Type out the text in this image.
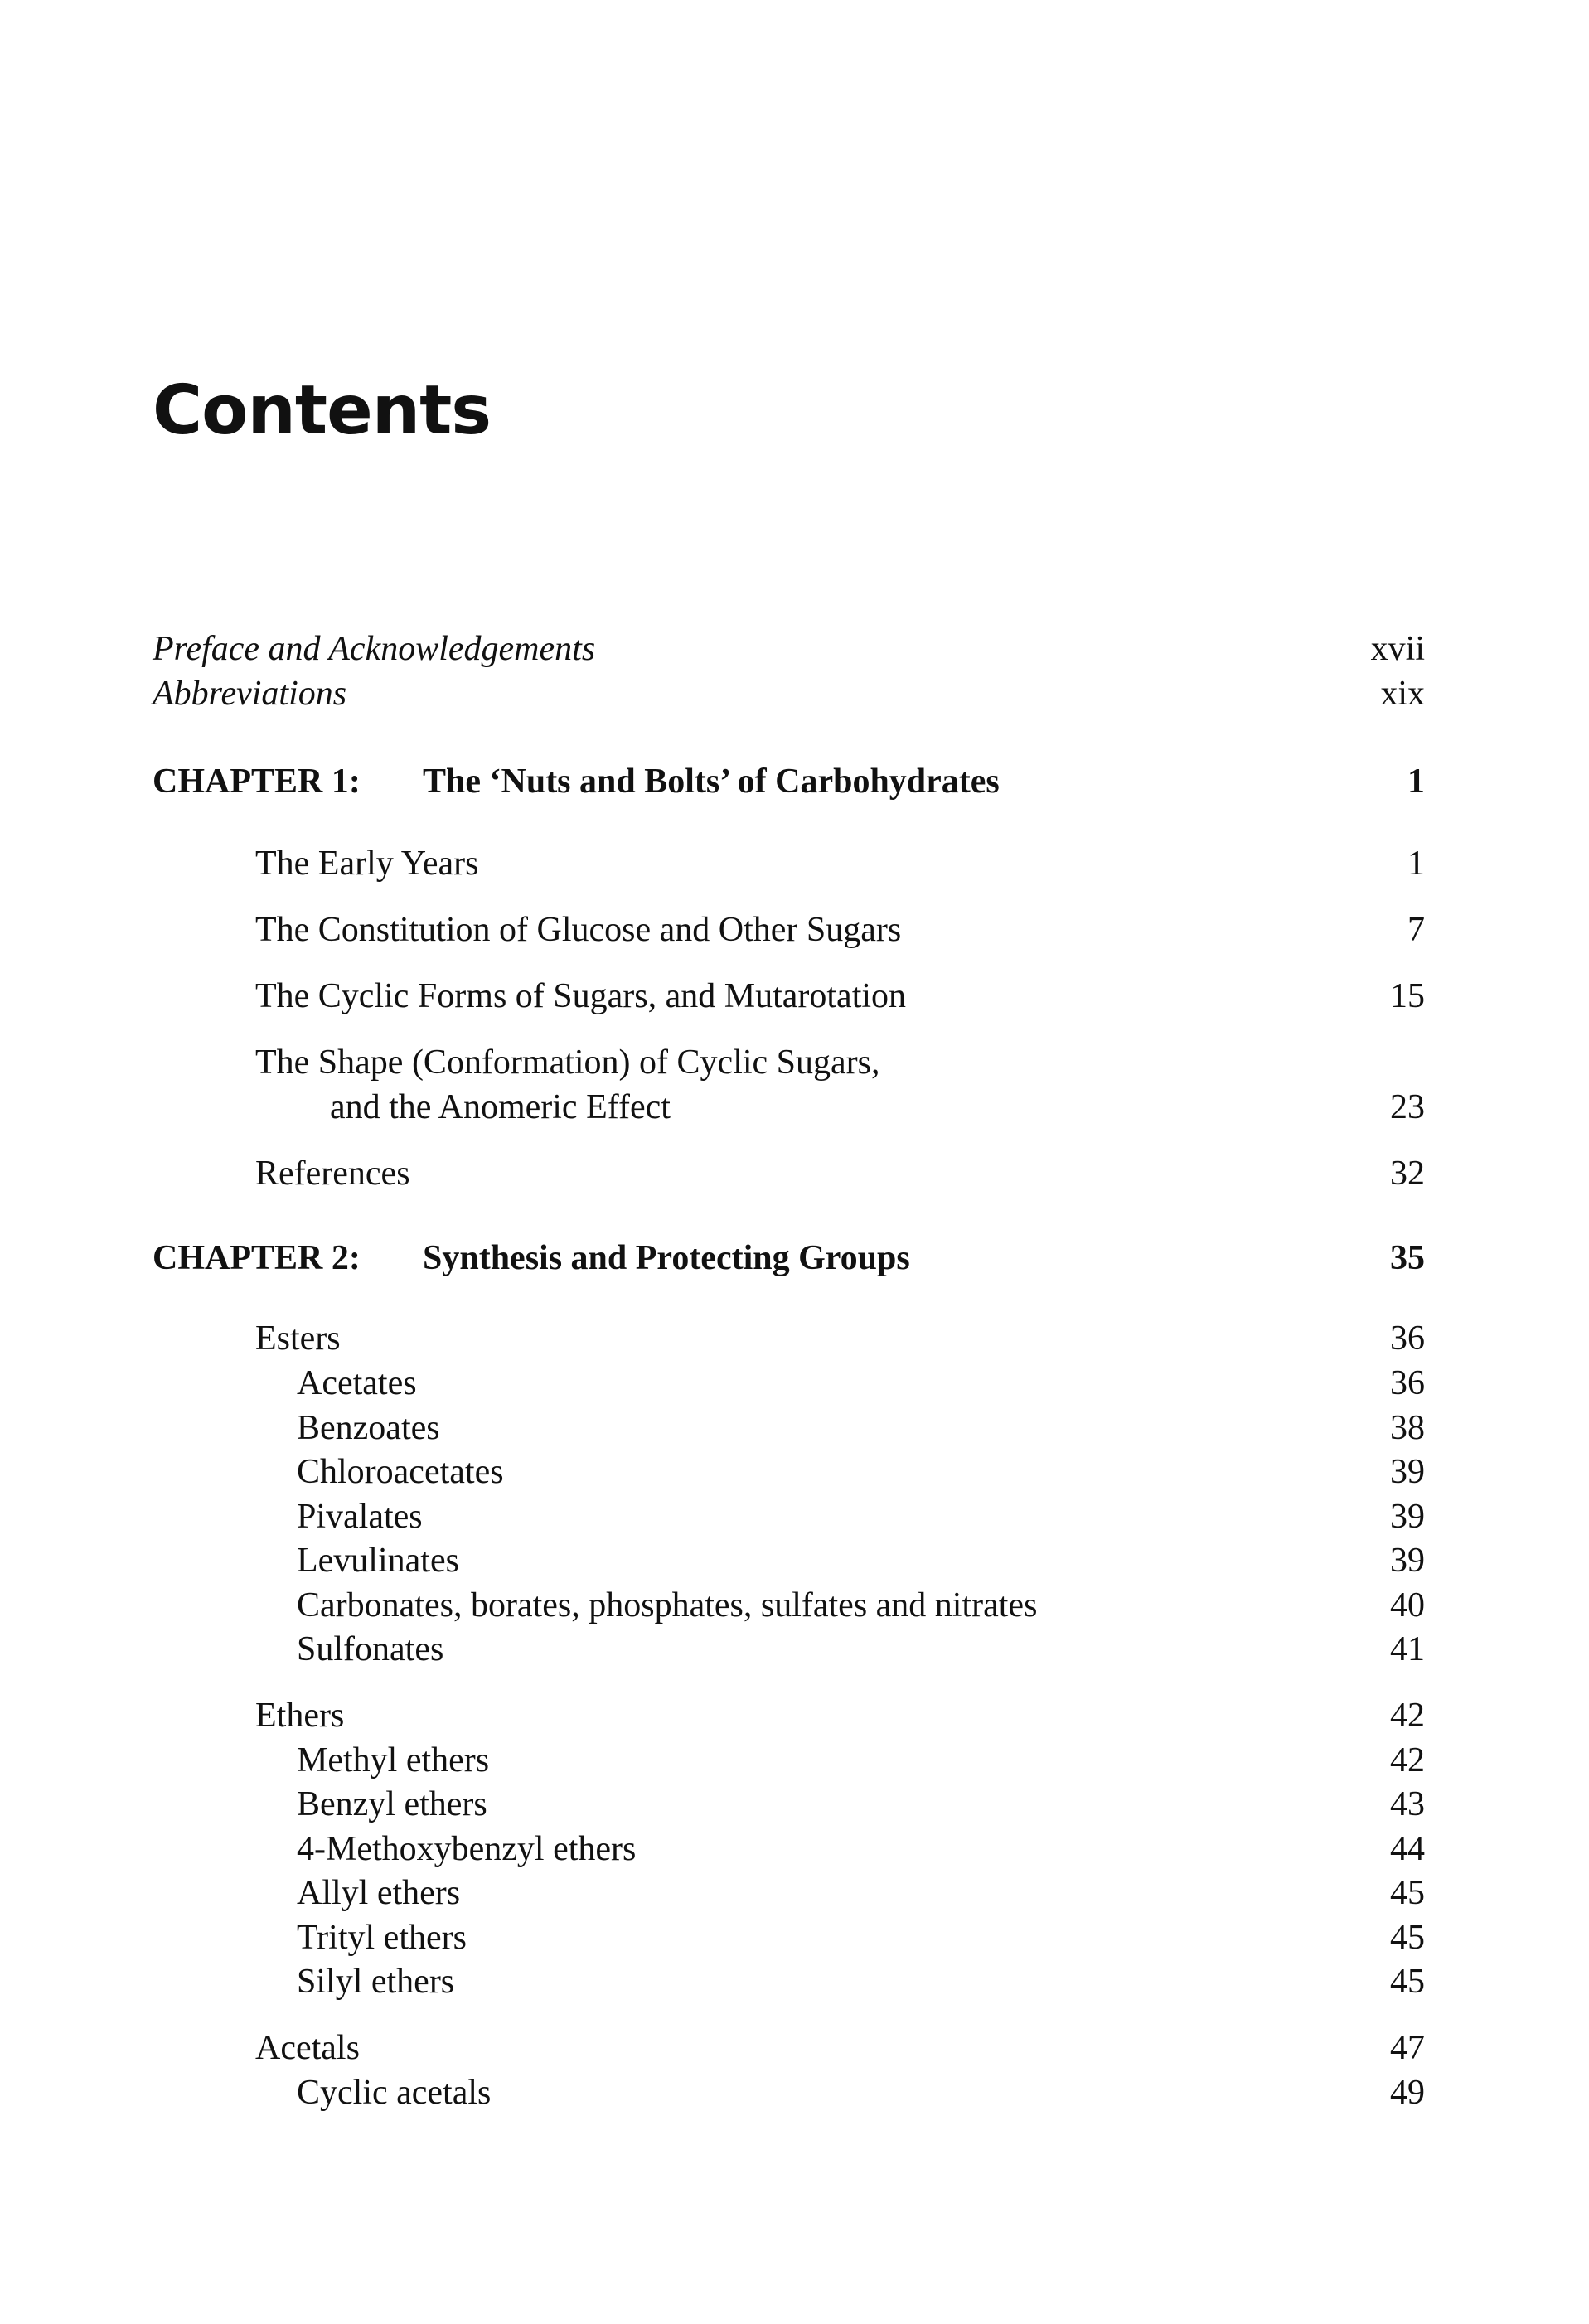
Contents
Preface and Acknowledgements	xvii
Abbreviations	xix
CHAPTER 1: The ‘Nuts and Bolts’ of Carbohydrates	1
The Early Years	1
The Constitution of Glucose and Other Sugars	7
The Cyclic Forms of Sugars, and Mutarotation	15
The Shape (Conformation) of Cyclic Sugars,
and the Anomeric Effect	23
References	32
CHAPTER 2: Synthesis and Protecting Groups	35
Esters	36
Acetates	36
Benzoates	38
Chloroacetates	39
Pivalates	39
Levulinates	39
Carbonates, borates, phosphates, sulfates and nitrates	40
Sulfonates	41
Ethers	42
Methyl ethers	42
Benzyl ethers	43
4-Methoxybenzyl ethers	44
Allyl ethers	45
Trityl ethers	45
Silyl ethers	45
Acetals	47
Cyclic acetals	49
